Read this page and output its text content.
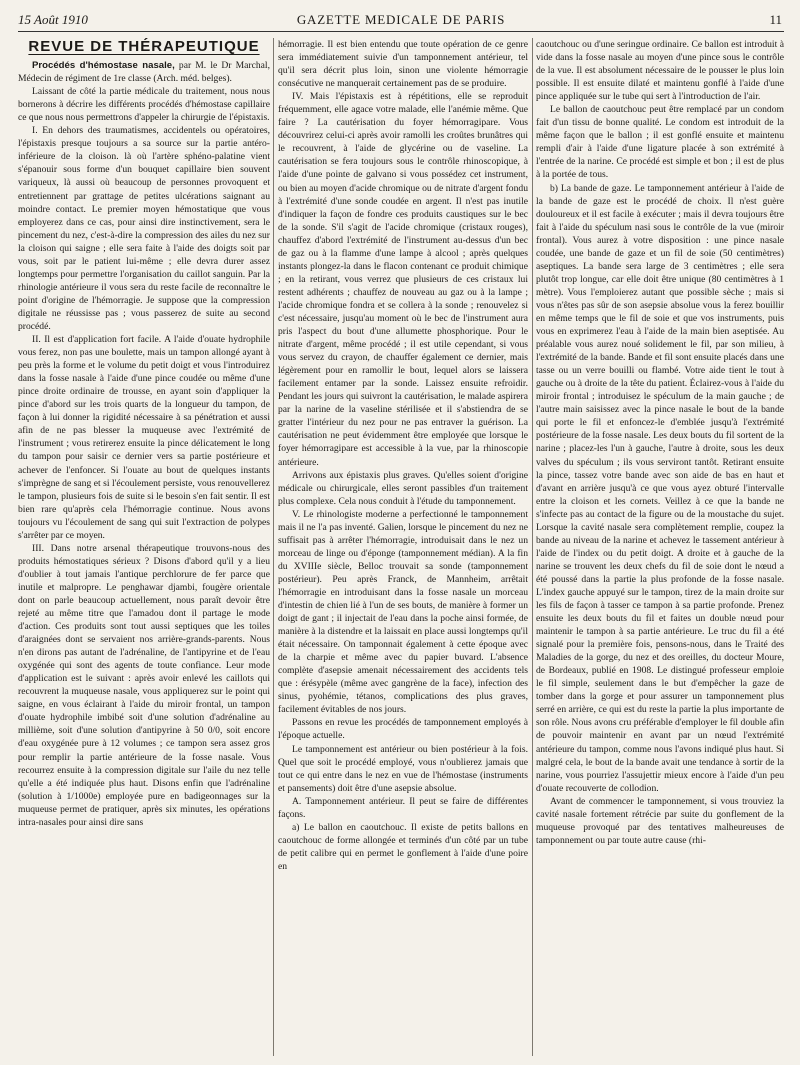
15 Août 1910	GAZETTE MEDICALE DE PARIS	11
REVUE DE THÉRAPEUTIQUE

Procédés d'hémostase nasale, par M. le Dr Marchal, Médecin de régiment de 1re classe (Arch. méd. belges).

Laissant de côté la partie médicale du traitement, nous nous bornerons à décrire les différents procédés d'hémostase capillaire ce que nous nous permettrons d'appeler la chirurgie de l'épistaxis.

I. En dehors des traumatismes, accidentels ou opératoires, l'épistaxis presque toujours a sa source sur la partie antéro-inférieure de la cloison. là où l'artère sphéno-palatine vient s'épanouir sous forme d'un bouquet capillaire bien souvent variqueux, là aussi où beaucoup de personnes provoquent et entretiennent par grattage de petites ulcérations saignant au moindre contact. Le premier moyen hémostatique que vous employerez dans ce cas, pour ainsi dire instinctivement, sera le pincement du nez, c'est-à-dire la compression des ailes du nez sur la cloison qui saigne ; elle sera faite à l'aide des doigts soit par vous, soit par le patient lui-même ; elle devra durer assez longtemps pour permettre l'organisation du caillot sanguin. Par la rhinologie antérieure il vous sera du reste facile de reconnaître le point d'origine de l'hémorragie. Je suppose que la compression digitale ne réussisse pas ; vous passerez de suite au second procédé.

II. Il est d'application fort facile. A l'aide d'ouate hydrophile vous ferez, non pas une boulette, mais un tampon allongé ayant à peu près la forme et le volume du petit doigt et vous l'introduirez dans la fosse nasale à l'aide d'une pince coudée ou même d'une pince droite ordinaire de trousse, en ayant soin d'appliquer la pince d'abord sur les trois quarts de la longueur du tampon, de façon à lui donner la rigidité nécessaire à sa pénétration et aussi afin de ne pas blesser la muqueuse avec l'extrémité de l'instrument ; vous retirerez ensuite la pince délicatement le long du tampon pour saisir ce dernier vers sa partie postérieure et achever de l'enfoncer. Si l'ouate au bout de quelques instants s'imprègne de sang et si l'écoulement persiste, vous renouvellerez le tampon, plusieurs fois de suite si le besoin s'en fait sentir. Il est bien rare qu'après cela l'hémorragie continue. Nous avons toujours vu l'écoulement de sang qui suit l'extraction de polypes s'arrêter par ce moyen.

III. Dans notre arsenal thérapeutique trouvons-nous des produits hémostatiques sérieux ? Disons d'abord qu'il y a lieu d'oublier à tout jamais l'antique perchlorure de fer parce que inutile et malpropre. Le penghawar djambi, fougère orientale dont on parle beaucoup actuellement, nous paraît devoir être rejeté au même titre que l'amadou dont il partage le mode d'action. Ces produits sont tout aussi septiques que les toiles d'araignées dont se servaient nos arrière-grands-parents. Nous n'en dirons pas autant de l'adrénaline, de l'antipyrine et de l'eau oxygénée qui sont des agents de toute confiance. Leur mode d'application est le suivant : après avoir enlevé les caillots qui recouvrent la muqueuse nasale, vous appliquerez sur le point qui saigne, en vous éclairant à l'aide du miroir frontal, un tampon d'ouate hydrophile imbibé soit d'une solution d'adrénaline au millième, soit d'une solution d'antipyrine à 50 0/0, soit encore d'eau oxygénée pure à 12 volumes ; ce tampon sera assez gros pour remplir la partie antérieure de la fosse nasale. Vous recourrez ensuite à la compression digitale sur l'aile du nez telle qu'elle a été indiquée plus haut. Disons enfin que l'adrénaline (solution à 1/1000e) employée pure en badigeonnages sur la muqueuse permet de pratiquer, après six minutes, les opérations intra-nasales pour ainsi dire sans

hémorragie. Il est bien entendu que toute opération de ce genre sera immédiatement suivie d'un tamponnement antérieur, tel qu'il sera décrit plus loin, sinon une violente hémorragie consécutive ne manquerait certainement pas de se produire.

IV. Mais l'épistaxis est à répétitions, elle se reproduit fréquemment, elle agace votre malade, elle l'anémie même. Que faire ? La cautérisation du foyer hémorragipare. Vous découvrirez celui-ci après avoir ramolli les croûtes brunâtres qui le recouvrent, à l'aide de glycérine ou de vaseline. La cautérisation se fera toujours sous le contrôle rhinoscopique, à l'aide d'une pointe de galvano si vous possédez cet instrument, ou bien au moyen d'acide chromique ou de nitrate d'argent fondu à l'extrémité d'une sonde coudée en argent. Il n'est pas inutile d'indiquer la façon de fondre ces produits caustiques sur le bec de la sonde. S'il s'agit de l'acide chromique (cristaux rouges), chauffez d'abord l'extrémité de l'instrument au-dessus d'un bec de gaz ou à la flamme d'une lampe à alcool ; après quelques instants plongez-la dans le flacon contenant ce produit chimique ; en la retirant, vous verrez que plusieurs de ces cristaux lui restent adhérents ; chauffez de nouveau au gaz ou à la lampe ; l'acide chromique fondra et se collera à la sonde ; renouvelez si c'est nécessaire, jusqu'au moment où le bec de l'instrument aura pris l'aspect du bout d'une allumette phosphorique. Pour le nitrate d'argent, même procédé ; il est utile cependant, si vous vous servez du crayon, de chauffer également ce dernier, mais légèrement pour en ramollir le bout, lequel alors se laissera facilement entamer par la sonde. Laissez ensuite refroidir. Pendant les jours qui suivront la cautérisation, le malade aspirera par la narine de la vaseline stérilisée et il s'abstiendra de se gratter l'intérieur du nez pour ne pas entraver la guérison. La cautérisation ne peut évidemment être employée que lorsque le foyer hémorragipare est accessible à la vue, par la rhinoscopie antérieure.

Arrivons aux épistaxis plus graves. Qu'elles soient d'origine médicale ou chirurgicale, elles seront passibles d'un traitement plus complexe. Cela nous conduit à l'étude du tamponnement.

V. Le rhinologiste moderne a perfectionné le tamponnement mais il ne l'a pas inventé. Galien, lorsque le pincement du nez ne suffisait pas à arrêter l'hémorragie, introduisait dans le nez un morceau de linge ou d'éponge (tamponnement médian). A la fin du XVIIIe siècle, Belloc trouvait sa sonde (tamponnement postérieur). Peu après Franck, de Mannheim, arrêtait l'hémorragie en introduisant dans la fosse nasale un morceau d'intestin de chien lié à l'un de ses bouts, de manière à former un doigt de gant ; il injectait de l'eau dans la poche ainsi formée, de manière à la distendre et la laissait en place aussi longtemps qu'il était nécessaire. On tamponnait également à cette époque avec de la charpie et même avec du papier buvard. L'absence complète d'asepsie amenait nécessairement des accidents tels que : érésypèle (même avec gangrène de la face), infection des sinus, pyohémie, tétanos, complications des plus graves, facilement évitables de nos jours.

Passons en revue les procédés de tamponnement employés à l'époque actuelle.

Le tamponnement est antérieur ou bien postérieur à la fois. Quel que soit le procédé employé, vous n'oublierez jamais que tout ce qui entre dans le nez en vue de l'hémostase (instruments et pansements) doit être d'une asepsie absolue.

A. Tamponnement antérieur. Il peut se faire de différentes façons.

a) Le ballon en caoutchouc. Il existe de petits ballons en caoutchouc de forme allongée et terminés d'un côté par un tube de petit calibre qui en permet le gonflement à l'aide d'une poire en

caoutchouc ou d'une seringue ordinaire. Ce ballon est introduit à vide dans la fosse nasale au moyen d'une pince sous le contrôle de la vue. Il est absolument nécessaire de le pousser le plus loin possible. Il est ensuite dilaté et maintenu gonflé à l'aide d'une pince appliquée sur le tube qui sert à l'introduction de l'air.

Le ballon de caoutchouc peut être remplacé par un condom fait d'un tissu de bonne qualité. Le condom est introduit de la même façon que le ballon ; il est gonflé ensuite et maintenu rempli d'air à l'aide d'une ligature placée à son extrémité à l'entrée de la narine. Ce procédé est simple et bon ; il est de plus à la portée de tous.

b) La bande de gaze. Le tamponnement antérieur à l'aide de la bande de gaze est le procédé de choix. Il n'est guère douloureux et il est facile à exécuter ; mais il devra toujours être fait à l'aide du spéculum nasi sous le contrôle de la vue (miroir frontal). Vous aurez à votre disposition : une pince nasale coudée, une bande de gaze et un fil de soie (50 centimètres) aseptiques. La bande sera large de 3 centimètres ; elle sera plutôt trop longue, car elle doit être unique (80 centimètres à 1 mètre). Vous l'emploierez autant que possible sèche ; mais si vous n'êtes pas sûr de son asepsie absolue vous la ferez bouillir en même temps que le fil de soie et que vos instruments, puis vous en exprimerez l'eau à l'aide de la main bien aseptisée. Au préalable vous aurez noué solidement le fil, par son milieu, à l'extrémité de la bande. Bande et fil sont ensuite placés dans une tasse ou un verre bouilli ou flambé. Votre aide tient le tout à gauche ou à droite de la tête du patient. Éclairez-vous à l'aide du miroir frontal ; introduisez le spéculum de la main gauche ; de l'autre main saisissez avec la pince nasale le bout de la bande qui porte le fil et enfoncez-le d'emblée jusqu'à l'extrémité postérieure de la fosse nasale. Les deux bouts du fil sortent de la narine ; placez-les l'un à gauche, l'autre à droite, sous les deux valves du spéculum ; ils vous serviront tantôt. Retirant ensuite la pince, tassez votre bande avec son aide de bas en haut et d'avant en arrière jusqu'à ce que vous ayez obturé l'intervalle entre la cloison et les cornets. Veillez à ce que la bande ne s'infecte pas au contact de la figure ou de la moustache du sujet. Lorsque la cavité nasale sera complètement remplie, coupez la bande au niveau de la narine et achevez le tassement antérieur à l'aide de l'index ou du petit doigt. A droite et à gauche de la narine se trouvent les deux chefs du fil de soie dont le nœud a été poussé dans la partie la plus profonde de la fosse nasale. L'index gauche appuyé sur le tampon, tirez de la main droite sur les fils de façon à tasser ce tampon à sa partie profonde. Prenez ensuite les deux bouts du fil et faites un double nœud pour maintenir le tampon à sa partie antérieure. Le truc du fil a été signalé pour la première fois, pensons-nous, dans le Traité des Maladies de la gorge, du nez et des oreilles, du docteur Moure, de Bordeaux, publié en 1908. Le distingué professeur emploie le fil simple, seulement dans le but d'empêcher la gaze de tomber dans la gorge et pour assurer un tamponnement plus serré en arrière, ce qui est du reste la partie la plus importante de son rôle. Nous avons cru préférable d'employer le fil double afin de pouvoir maintenir en avant par un nœud l'extrémité antérieure du tampon, comme nous l'avons indiqué plus haut. Si malgré cela, le bout de la bande avait une tendance à sortir de la narine, vous pourriez l'assujettir mieux encore à l'aide d'un peu d'ouate recouverte de collodion.

Avant de commencer le tamponnement, si vous trouviez la cavité nasale fortement rétrécie par suite du gonflement de la muqueuse provoqué par des tentatives malheureuses de tamponnement ou par toute autre cause (rhi-
